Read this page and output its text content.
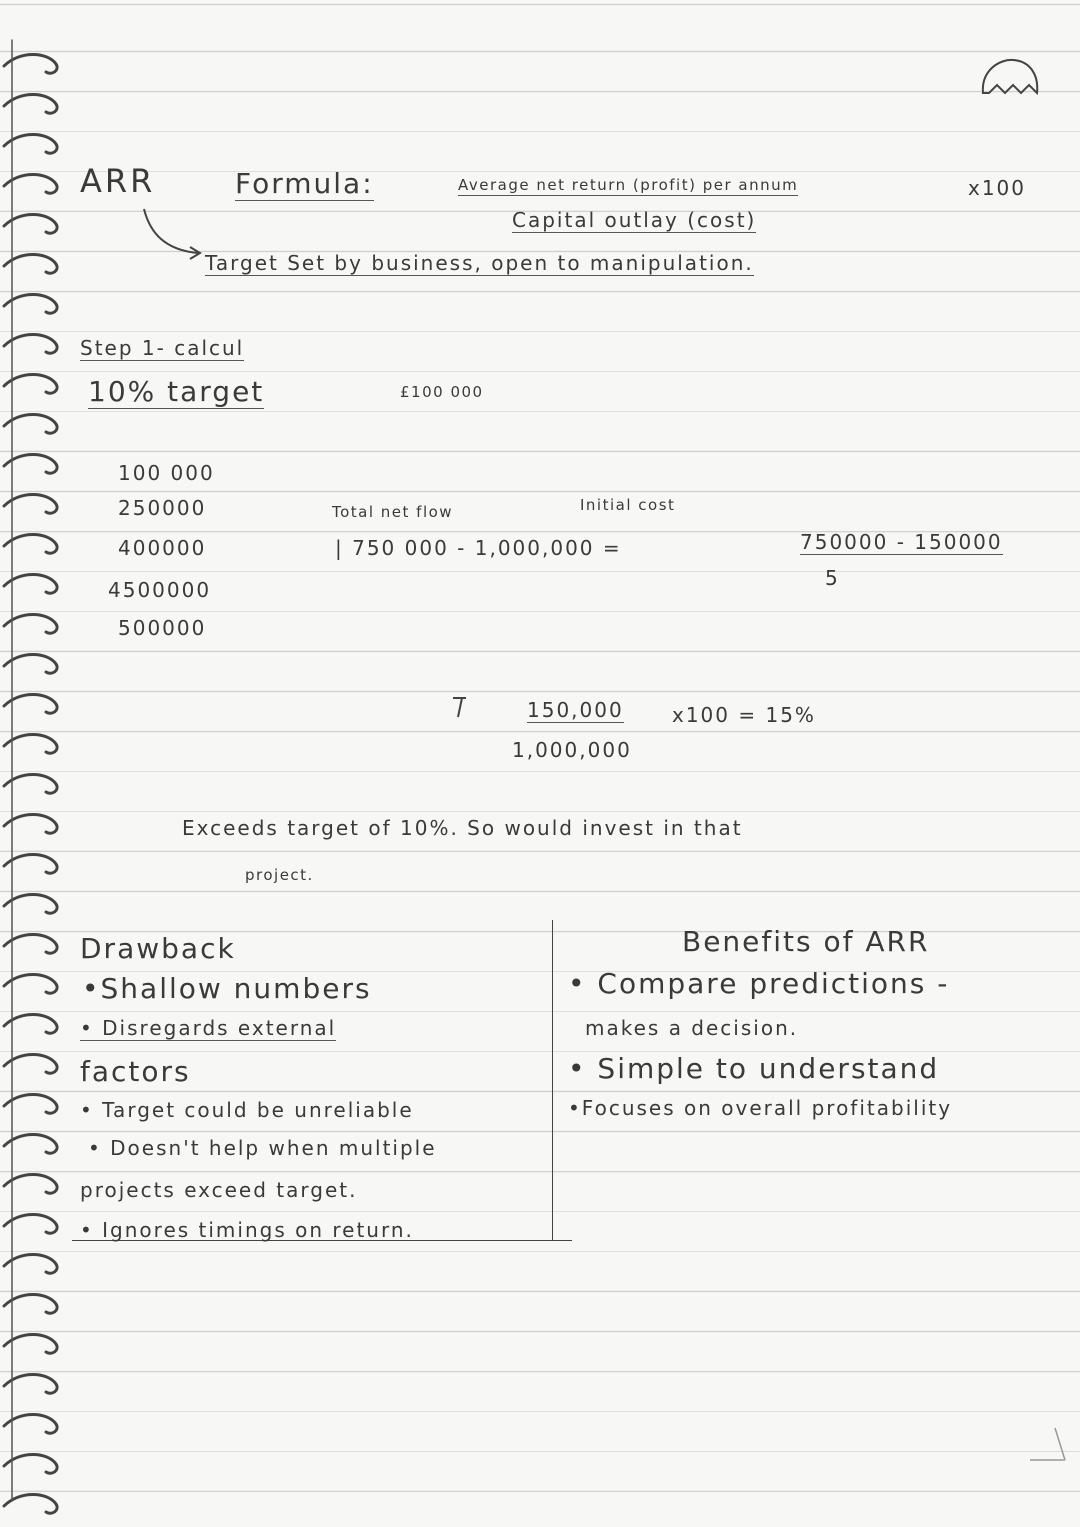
ARR	Formula:	Average net return (profit) per annum	x100
Capital outlay (cost)
Target Set by business, open to manipulation.
Step 1- calcul
10% target	£100 000
100 000
250000
400000
4500000
500000
Total net flow	Initial cost
| 750 000 - 1,000,000 =	750000 - 150000
5
150,000 x100 = 15%
1,000,000
Exceeds target of 10%. So would invest in that
project.
Drawback
•Shallow numbers
• Disregards external
factors
• Target could be unreliable
• Doesn't help when multiple
projects exceed target.
• Ignores timings on return.
Benefits of ARR
• Compare predictions -
makes a decision.
• Simple to understand
•Focuses on overall profitability
